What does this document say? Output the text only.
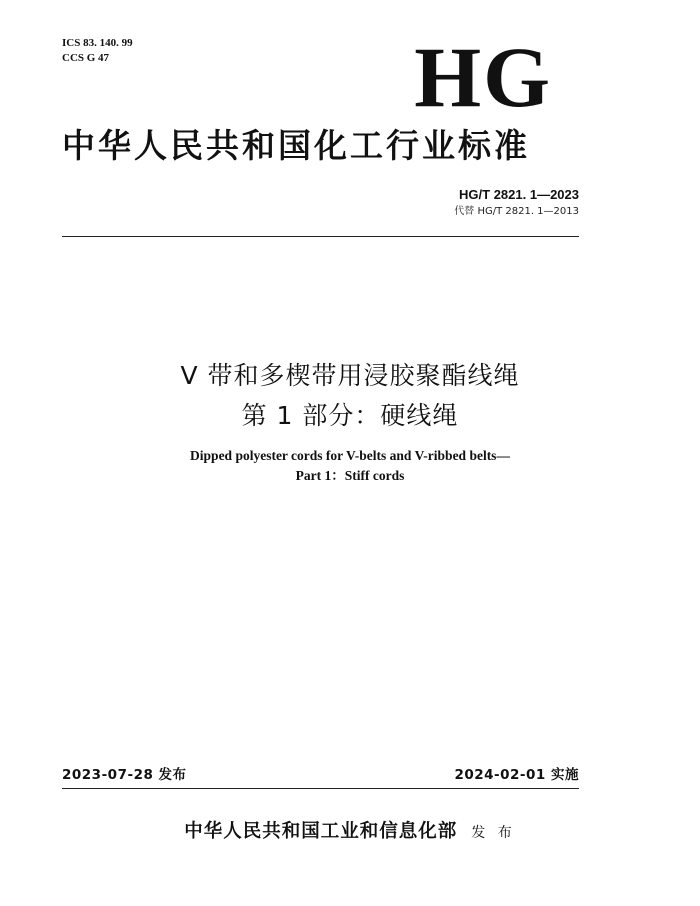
ICS 83. 140. 99
CCS G 47	HG
中华人民共和国化工行业标准
HG/T 2821. 1—2023
代替 HG/T 2821. 1—2013
V 带和多楔带用浸胶聚酯线绳
第 1 部分：硬线绳
Dipped polyester cords for V-belts and V-ribbed belts—
Part 1：Stiff cords
2023-07-28 发布	2024-02-01 实施
中华人民共和国工业和信息化部 发 布
